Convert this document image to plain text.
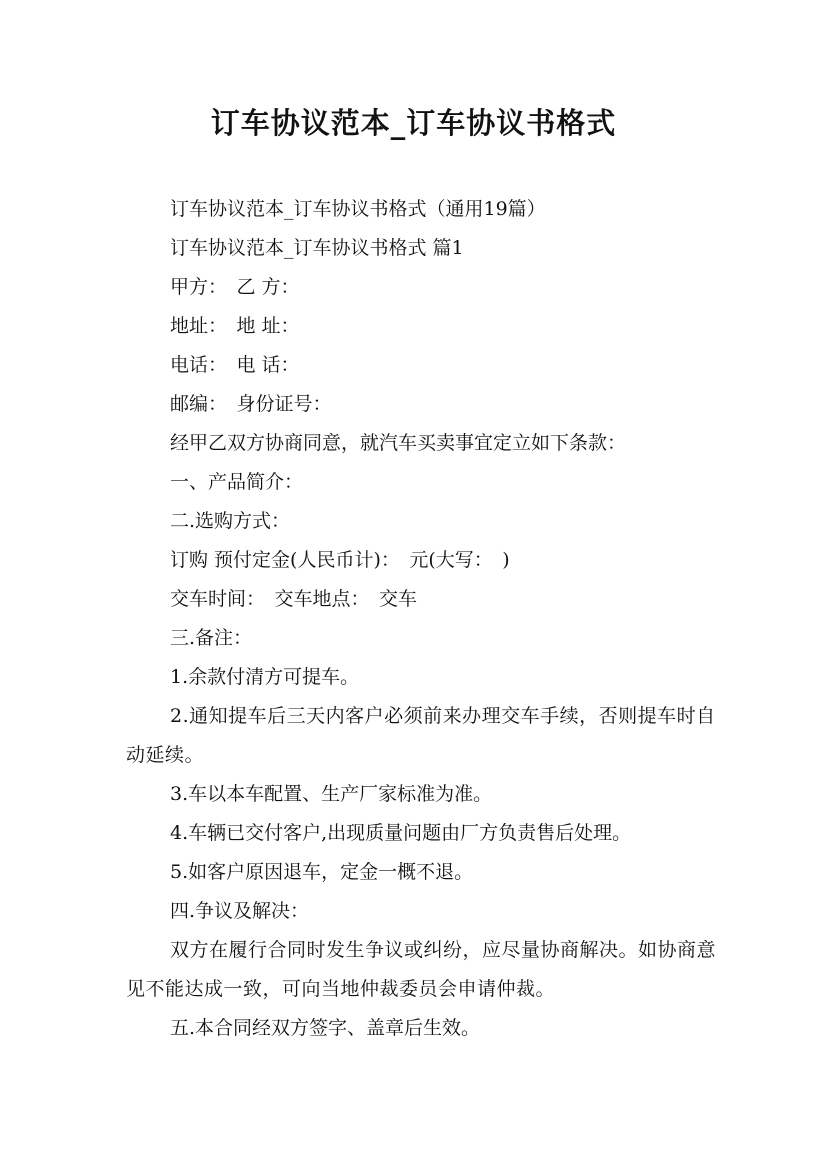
订车协议范本_订车协议书格式

订车协议范本_订车协议书格式（通用19篇）

订车协议范本_订车协议书格式 篇1

甲方：　乙 方：

地址：　地 址：

电话：　电 话：

邮编：　身份证号：

经甲乙双方协商同意，就汽车买卖事宜定立如下条款：

一、产品简介：

二.选购方式：

订购 预付定金(人民币计)：　元(大写：　)

交车时间：　交车地点：　交车

三.备注：

1.余款付清方可提车。

2.通知提车后三天内客户必须前来办理交车手续，否则提车时自动延续。

3.车以本车配置、生产厂家标准为准。

4.车辆已交付客户,出现质量问题由厂方负责售后处理。

5.如客户原因退车，定金一概不退。

四.争议及解决：

双方在履行合同时发生争议或纠纷，应尽量协商解决。如协商意见不能达成一致，可向当地仲裁委员会申请仲裁。

五.本合同经双方签字、盖章后生效。
